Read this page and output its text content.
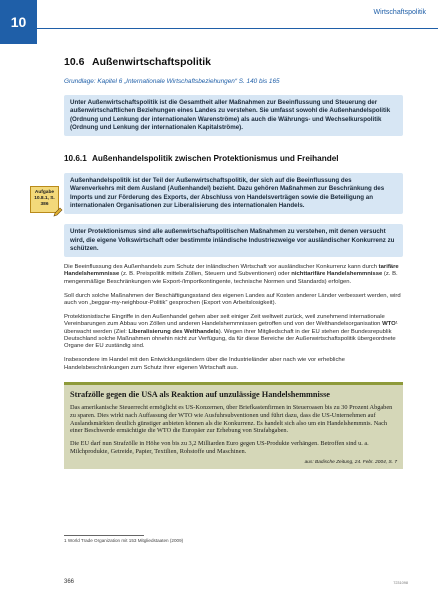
10
Wirtschaftspolitik
10.6 Außenwirtschaftspolitik
Grundlage: Kapitel 6 „Internationale Wirtschaftsbeziehungen“ S. 140 bis 165
Unter Außenwirtschaftspolitik ist die Gesamtheit aller Maßnahmen zur Beeinflussung und Steuerung der außenwirtschaftlichen Beziehungen eines Landes zu verstehen. Sie umfasst sowohl die Außenhandelspolitik (Ordnung und Lenkung der internationalen Warenströme) als auch die Währungs- und Wechselkurspolitik (Ordnung und Lenkung der internationalen Kapitalströme).
10.6.1 Außenhandelspolitik zwischen Protektionismus und Freihandel
Aufgabe
10.8.1, S. 386
Außenhandelspolitik ist der Teil der Außenwirtschaftspolitik, der sich auf die Beeinflussung des Warenverkehrs mit dem Ausland (Außenhandel) bezieht. Dazu gehören Maßnahmen zur Beschränkung des Imports und zur Förderung des Exports, der Abschluss von Handelsverträgen sowie die Beteiligung an internationalen Organisationen zur Liberalisierung des internationalen Handels.
Unter Protektionismus sind alle außenwirtschaftspolitischen Maßnahmen zu verstehen, mit denen versucht wird, die eigene Volkswirtschaft oder bestimmte inländische Industriezweige vor ausländischer Konkurrenz zu schützen.
Die Beeinflussung des Außenhandels zum Schutz der inländischen Wirtschaft vor ausländischer Konkurrenz kann durch tarifäre Handelshemmnisse (z. B. Preispolitik mittels Zöllen, Steuern und Subventionen) oder nichttarifäre Handelshemmnisse (z. B. mengenmäßige Beschränkungen wie Export-/Importkontingente, technische Normen und Standards) erfolgen.
Soll durch solche Maßnahmen der Beschäftigungsstand des eigenen Landes auf Kosten anderer Länder verbessert werden, wird auch von „beggar-my-neighbour-Politik“ gesprochen (Export von Arbeitslosigkeit).
Protektionistische Eingriffe in den Außenhandel gehen aber seit einiger Zeit weltweit zurück, weil zunehmend internationale Vereinbarungen zum Abbau von Zöllen und anderen Handelshemmnissen getroffen und von der Welthandelsorganisation WTO¹ überwacht werden (Ziel: Liberalisierung des Welthandels). Wegen ihrer Mitgliedschaft in der EU stehen der Bundesrepublik Deutschland solche Maßnahmen ohnehin nicht zur Verfügung, da für diese Bereiche der Außenwirtschaftspolitik übergeordnete Organe der EU zuständig sind.
Insbesondere im Handel mit den Entwicklungsländern über die Industrieländer aber nach wie vor erhebliche Handelsbeschränkungen zum Schutz ihrer eigenen Wirtschaft aus.
Strafzölle gegen die USA als Reaktion auf unzulässige Handelshemmnisse
Das amerikanische Steuerrecht ermöglicht es US-Konzernen, über Briefkastenfirmen in Steueroasen bis zu 30 Prozent Abgaben zu sparen. Dies wirkt nach Auffassung der WTO wie Ausfuhrsubventionen und führt dazu, dass die US-Unternehmen auf Auslandsmärkten deutlich günstiger anbieten können als die Konkurrenz. Es handelt sich also um ein Handelshemmnis. Nach einer Beschwerde ermächtigte die WTO die Europäer zur Erhebung von Strafabgaben.
Die EU darf nun Strafzölle in Höhe von bis zu 3,2 Milliarden Euro gegen US-Produkte verhängen. Betroffen sind u. a. Milchprodukte, Getreide, Papier, Textilien, Rohstoffe und Maschinen.
aus: Badische Zeitung, 24. Febr. 2004, S. 7
1 World Trade Organization mit 153 Mitgliedstaaten (2009)
366	7231098
